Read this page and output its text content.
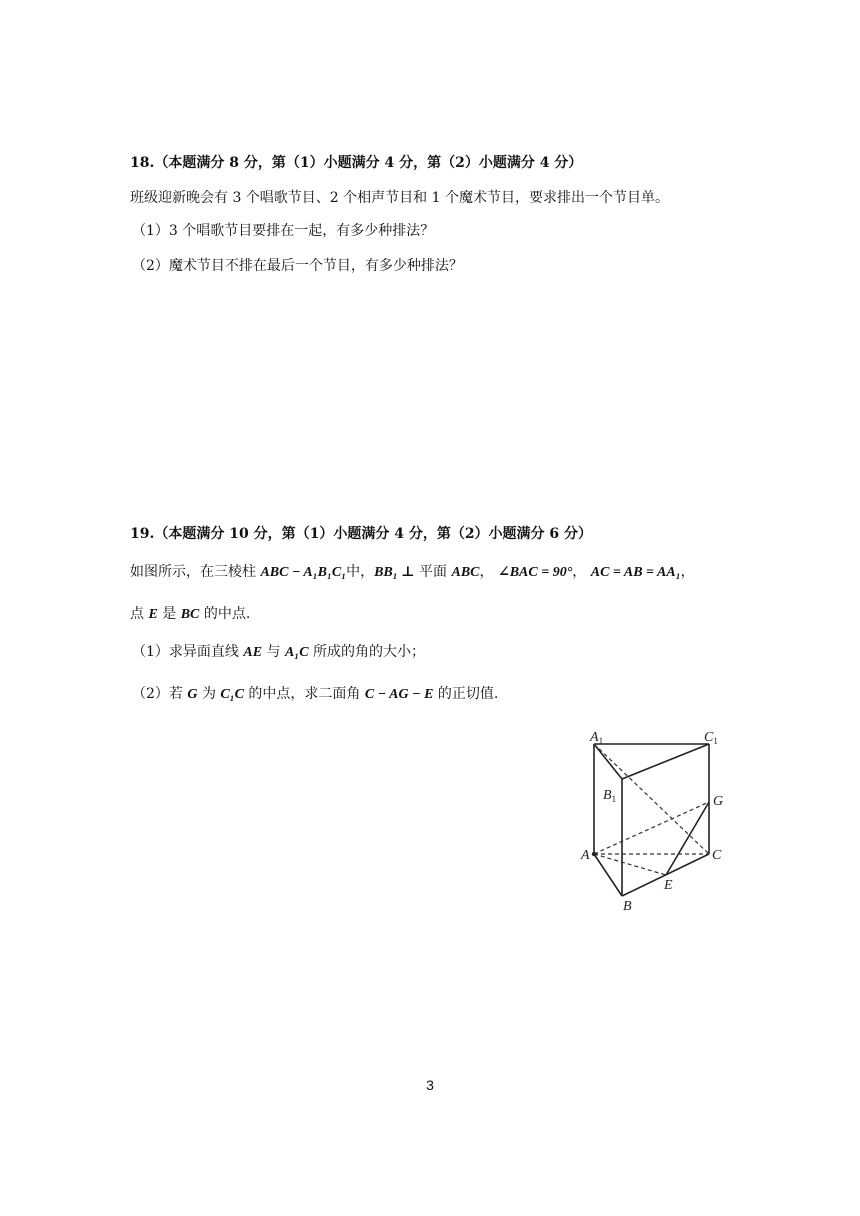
18.（本题满分 8 分，第（1）小题满分 4 分，第（2）小题满分 4 分）
班级迎新晚会有 3 个唱歌节目、2 个相声节目和 1 个魔术节目，要求排出一个节目单。
（1）3 个唱歌节目要排在一起，有多少种排法？
（2）魔术节目不排在最后一个节目，有多少种排法？
19.（本题满分 10 分，第（1）小题满分 4 分，第（2）小题满分 6 分）
如图所示，在三棱柱 ABC − A₁B₁C₁中，BB₁ ⊥ 平面 ABC， ∠BAC = 90°， AC = AB = AA₁，
点 E 是 BC 的中点.
（1）求异面直线 AE 与 A₁C 所成的角的大小；
（2）若 G 为 C₁C 的中点，求二面角 C − AG − E 的正切值.
$A_1$	$C_1$
$B_1$	G
A	C
E
B
3
